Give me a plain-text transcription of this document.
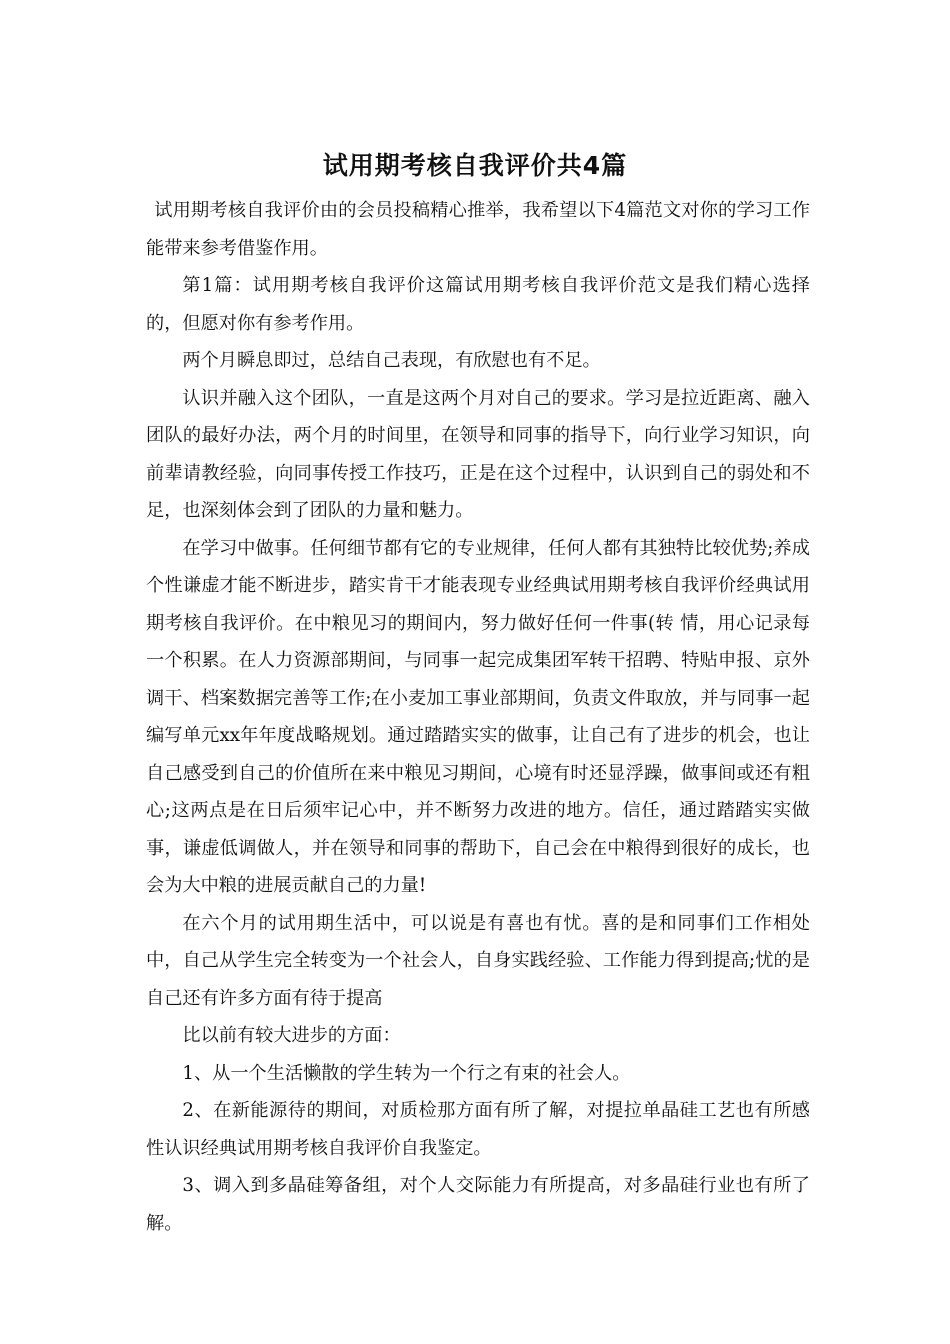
试用期考核自我评价共4篇

试用期考核自我评价由的会员投稿精心推举，我希望以下4篇范文对你的学习工作能带来参考借鉴作用。

第1篇：试用期考核自我评价这篇试用期考核自我评价范文是我们精心选择的，但愿对你有参考作用。

两个月瞬息即过，总结自己表现，有欣慰也有不足。

认识并融入这个团队，一直是这两个月对自己的要求。学习是拉近距离、融入团队的最好办法，两个月的时间里，在领导和同事的指导下，向行业学习知识，向前辈请教经验，向同事传授工作技巧，正是在这个过程中，认识到自己的弱处和不足，也深刻体会到了团队的力量和魅力。

在学习中做事。任何细节都有它的专业规律，任何人都有其独特比较优势;养成个性谦虚才能不断进步，踏实肯干才能表现专业经典试用期考核自我评价经典试用期考核自我评价。在中粮见习的期间内，努力做好任何一件事(转 情，用心记录每一个积累。在人力资源部期间，与同事一起完成集团军转干招聘、特贴申报、京外调干、档案数据完善等工作;在小麦加工事业部期间，负责文件取放，并与同事一起编写单元xx年年度战略规划。通过踏踏实实的做事，让自己有了进步的机会，也让自己感受到自己的价值所在来中粮见习期间，心境有时还显浮躁，做事间或还有粗心;这两点是在日后须牢记心中，并不断努力改进的地方。信任，通过踏踏实实做事，谦虚低调做人，并在领导和同事的帮助下，自己会在中粮得到很好的成长，也会为大中粮的进展贡献自己的力量!

在六个月的试用期生活中，可以说是有喜也有忧。喜的是和同事们工作相处中，自己从学生完全转变为一个社会人，自身实践经验、工作能力得到提高;忧的是自己还有许多方面有待于提高

比以前有较大进步的方面：

1、从一个生活懒散的学生转为一个行之有束的社会人。

2、在新能源待的期间，对质检那方面有所了解，对提拉单晶硅工艺也有所感性认识经典试用期考核自我评价自我鉴定。

3、调入到多晶硅筹备组，对个人交际能力有所提高，对多晶硅行业也有所了解。
